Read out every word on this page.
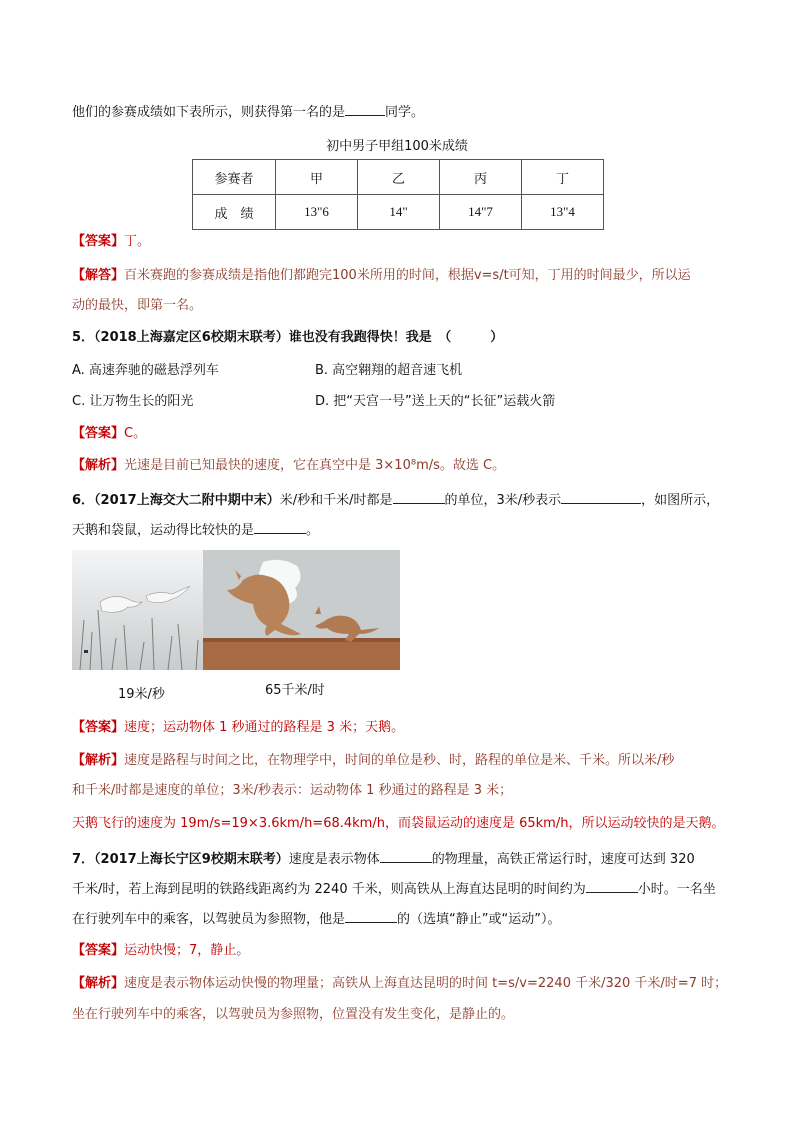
他们的参赛成绩如下表所示，则获得第一名的是	同学。
初中男子甲组100米成绩
参赛者	甲	乙	丙	丁
成　绩	13"6	14"	14"7	13"4
【答案】丁。
【解答】百米赛跑的参赛成绩是指他们都跑完100米所用的时间，根据v=s/t可知，丁用的时间最少，所以运
动的最快，即第一名。
5．（2018上海嘉定区6校期末联考）谁也没有我跑得快！我是　（　　　）
A. 高速奔驰的磁悬浮列车	B. 高空翱翔的超音速飞机
C. 让万物生长的阳光	D. 把“天宫一号”送上天的“长征”运载火箭
【答案】C。
【解析】光速是目前已知最快的速度，它在真空中是 3×10⁸m/s。故选 C。
6．（2017上海交大二附中期中末）米/秒和千米/时都是	的单位，3米/秒表示	，如图所示，
天鹅和袋鼠，运动得比较快的是	。
19米/秒	65千米/时
【答案】速度；运动物体 1 秒通过的路程是 3 米；天鹅。
【解析】速度是路程与时间之比，在物理学中，时间的单位是秒、时，路程的单位是米、千米。所以米/秒
和千米/时都是速度的单位；3米/秒表示：运动物体 1 秒通过的路程是 3 米；
天鹅飞行的速度为 19m/s=19×3.6km/h=68.4km/h，而袋鼠运动的速度是 65km/h，所以运动较快的是天鹅。
7．（2017上海长宁区9校期末联考）速度是表示物体	的物理量，高铁正常运行时，速度可达到 320
千米/时，若上海到昆明的铁路线距离约为 2240 千米，则高铁从上海直达昆明的时间约为	小时。一名坐
在行驶列车中的乘客，以驾驶员为参照物，他是	的（选填“静止”或“运动”）。
【答案】运动快慢；7，静止。
【解析】速度是表示物体运动快慢的物理量；高铁从上海直达昆明的时间 t=s/v=2240 千米/320 千米/时=7 时；
坐在行驶列车中的乘客，以驾驶员为参照物，位置没有发生变化，是静止的。
